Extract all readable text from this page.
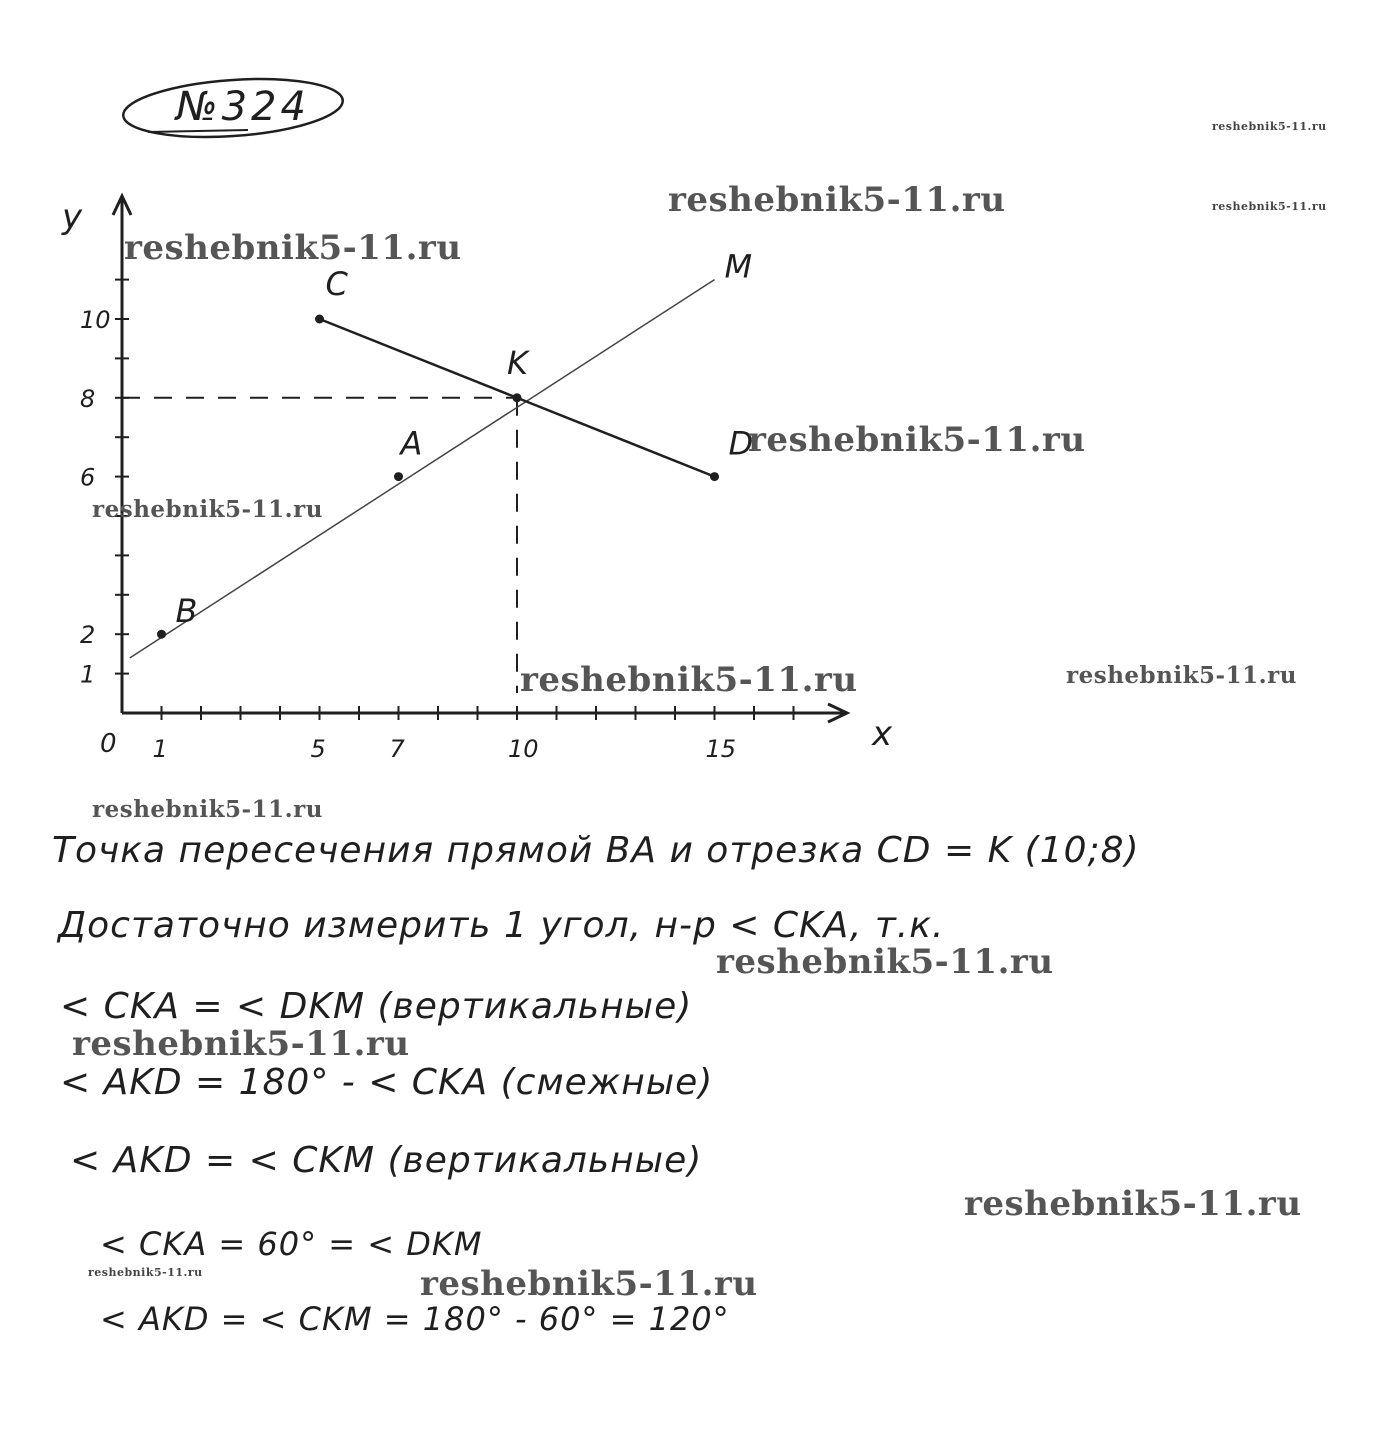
№324
x
y
0 1	5	7	10	15
1
2
6
8
10
B
A
K
C
D
M
Точка пересечения прямой BA и отрезка CD = K (10;8)
Достаточно измерить 1 угол, н-р < CKA, т.к.
< CKA = < DKM (вертикальные)
< AKD = 180° - < CKA (смежные)
< AKD = < CKM (вертикальные)
< CKA = 60° = < DKM
< AKD = < CKM = 180° - 60° = 120°
reshebnik5-11.ru
reshebnik5-11.ru
reshebnik5-11.ru
reshebnik5-11.ru
reshebnik5-11.ru
reshebnik5-11.ru
reshebnik5-11.ru	reshebnik5-11.ru
reshebnik5-11.ru
reshebnik5-11.ru
reshebnik5-11.ru
reshebnik5-11.ru
reshebnik5-11.ru	reshebnik5-11.ru
